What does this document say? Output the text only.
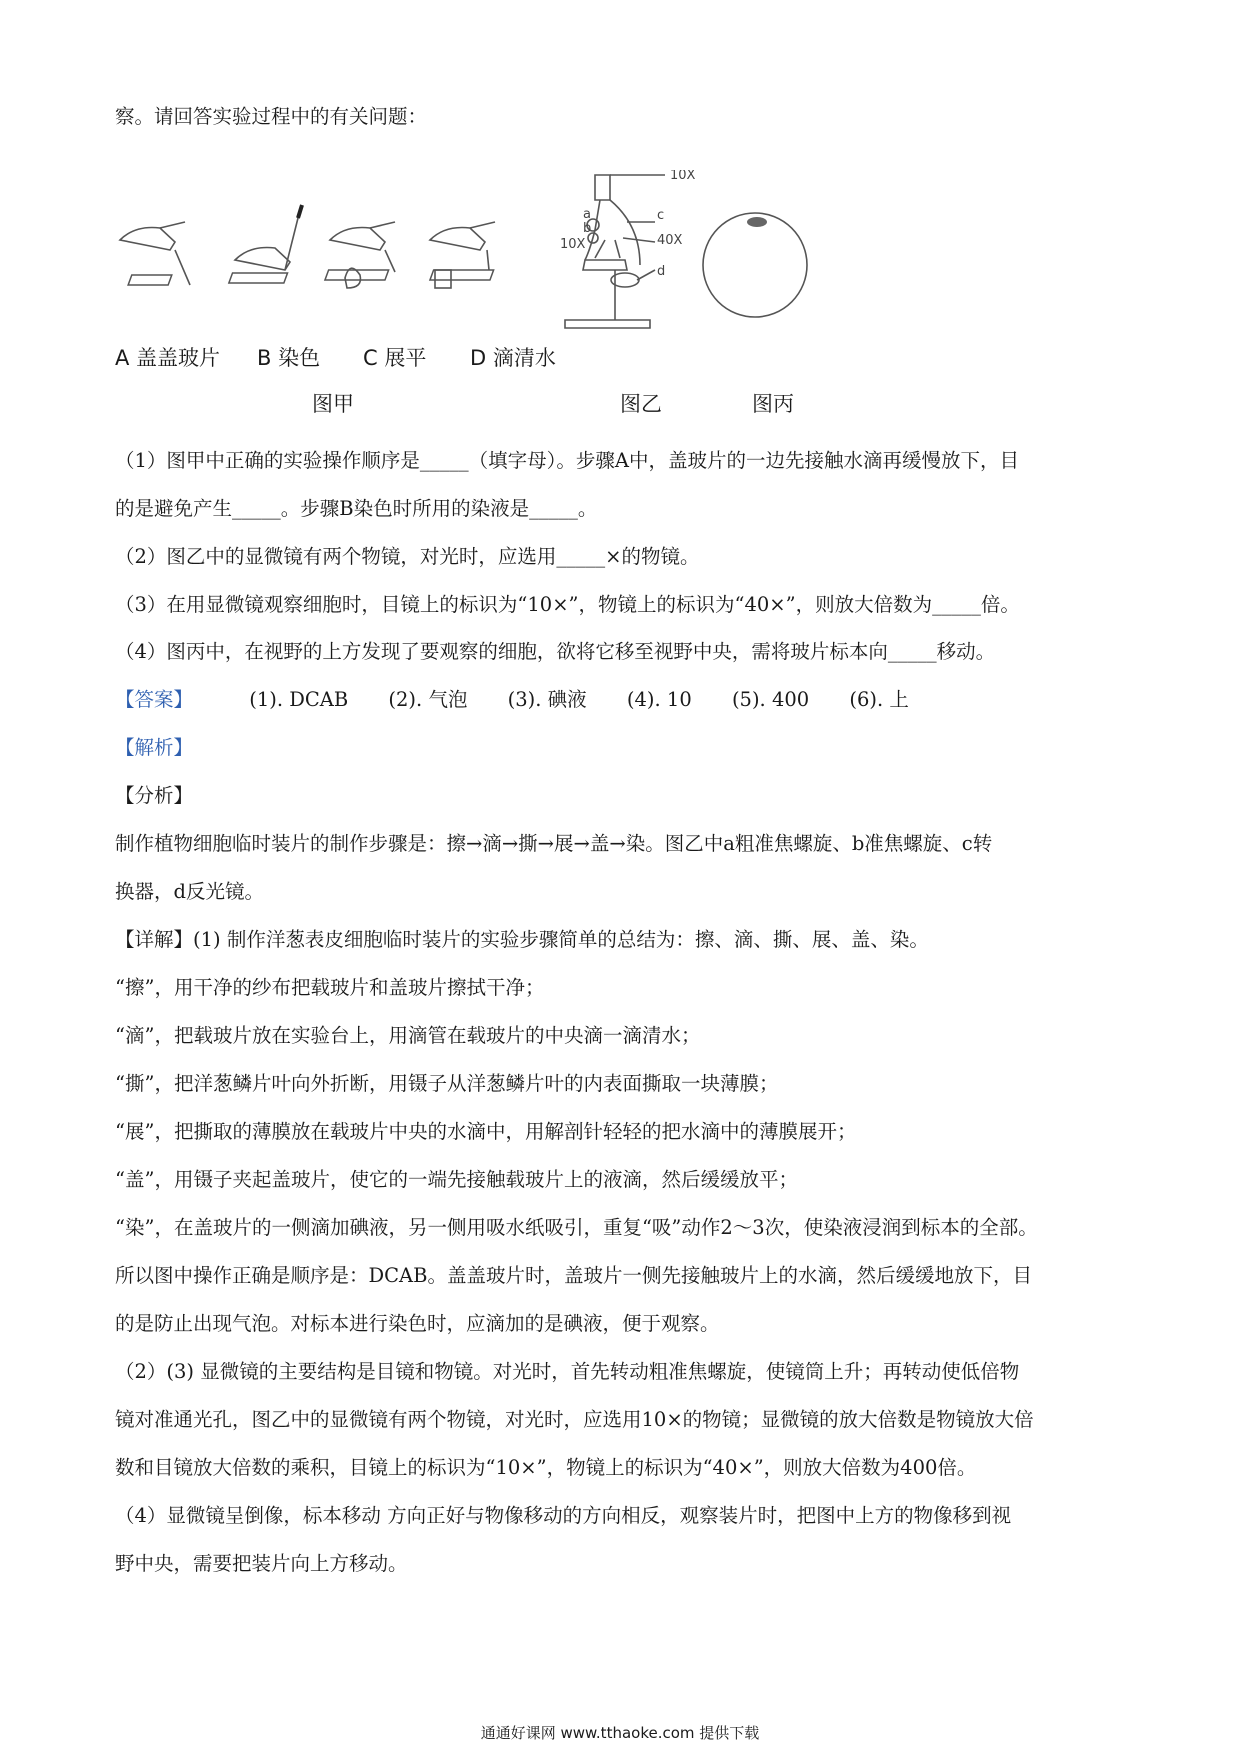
察。请回答实验过程中的有关问题：
10X
a
b
c
40X
10X
d
A 盖盖玻片 B 染色 C 展平 D 滴清水
图甲	图乙	图丙
（1）图甲中正确的实验操作顺序是_____（填字母）。步骤A中，盖玻片的一边先接触水滴再缓慢放下，目
的是避免产生_____。步骤B染色时所用的染液是_____。
（2）图乙中的显微镜有两个物镜，对光时，应选用_____×的物镜。
（3）在用显微镜观察细胞时，目镜上的标识为“10×”，物镜上的标识为“40×”，则放大倍数为_____倍。
（4）图丙中，在视野的上方发现了要观察的细胞，欲将它移至视野中央，需将玻片标本向_____移动。
【答案】	(1). DCAB (2). 气泡 (3). 碘液 (4). 10 (5). 400 (6). 上
【解析】
【分析】
制作植物细胞临时装片的制作步骤是：擦→滴→撕→展→盖→染。图乙中a粗准焦螺旋、b准焦螺旋、c转
换器，d反光镜。
【详解】(1) 制作洋葱表皮细胞临时装片的实验步骤简单的总结为：擦、滴、撕、展、盖、染。
“擦”，用干净的纱布把载玻片和盖玻片擦拭干净；
“滴”，把载玻片放在实验台上，用滴管在载玻片的中央滴一滴清水；
“撕”，把洋葱鳞片叶向外折断，用镊子从洋葱鳞片叶的内表面撕取一块薄膜；
“展”，把撕取的薄膜放在载玻片中央的水滴中，用解剖针轻轻的把水滴中的薄膜展开；
“盖”，用镊子夹起盖玻片，使它的一端先接触载玻片上的液滴，然后缓缓放平；
“染”，在盖玻片的一侧滴加碘液，另一侧用吸水纸吸引，重复“吸”动作2～3次，使染液浸润到标本的全部。
所以图中操作正确是顺序是：DCAB。盖盖玻片时，盖玻片一侧先接触玻片上的水滴，然后缓缓地放下，目
的是防止出现气泡。对标本进行染色时，应滴加的是碘液，便于观察。
（2）(3) 显微镜的主要结构是目镜和物镜。对光时，首先转动粗准焦螺旋，使镜筒上升；再转动使低倍物
镜对准通光孔，图乙中的显微镜有两个物镜，对光时，应选用10×的物镜；显微镜的放大倍数是物镜放大倍
数和目镜放大倍数的乘积，目镜上的标识为“10×”，物镜上的标识为“40×”，则放大倍数为400倍。
（4）显微镜呈倒像，标本移动 方向正好与物像移动的方向相反，观察装片时，把图中上方的物像移到视
野中央，需要把装片向上方移动。
通通好课网 www.tthaoke.com 提供下载
